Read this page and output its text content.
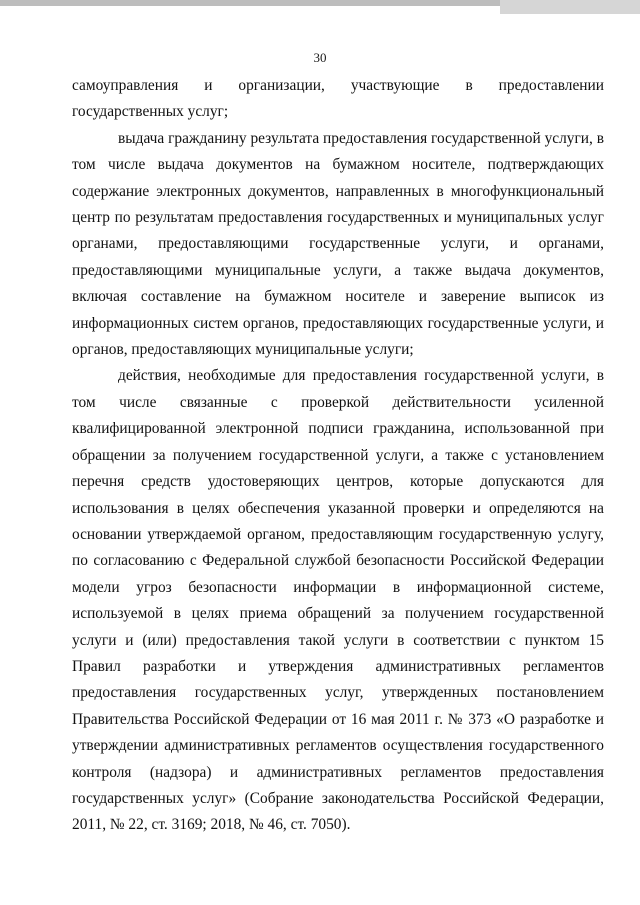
30

самоуправления и организации, участвующие в предоставлении государственных услуг;

выдача гражданину результата предоставления государственной услуги, в том числе выдача документов на бумажном носителе, подтверждающих содержание электронных документов, направленных в многофункциональный центр по результатам предоставления государственных и муниципальных услуг органами, предоставляющими государственные услуги, и органами, предоставляющими муниципальные услуги, а также выдача документов, включая составление на бумажном носителе и заверение выписок из информационных систем органов, предоставляющих государственные услуги, и органов, предоставляющих муниципальные услуги;

действия, необходимые для предоставления государственной услуги, в том числе связанные с проверкой действительности усиленной квалифицированной электронной подписи гражданина, использованной при обращении за получением государственной услуги, а также с установлением перечня средств удостоверяющих центров, которые допускаются для использования в целях обеспечения указанной проверки и определяются на основании утверждаемой органом, предоставляющим государственную услугу, по согласованию с Федеральной службой безопасности Российской Федерации модели угроз безопасности информации в информационной системе, используемой в целях приема обращений за получением государственной услуги и (или) предоставления такой услуги в соответствии с пунктом 15 Правил разработки и утверждения административных регламентов предоставления государственных услуг, утвержденных постановлением Правительства Российской Федерации от 16 мая 2011 г. № 373 «О разработке и утверждении административных регламентов осуществления государственного контроля (надзора) и административных регламентов предоставления государственных услуг» (Собрание законодательства Российской Федерации, 2011, № 22, ст. 3169; 2018, № 46, ст. 7050).
